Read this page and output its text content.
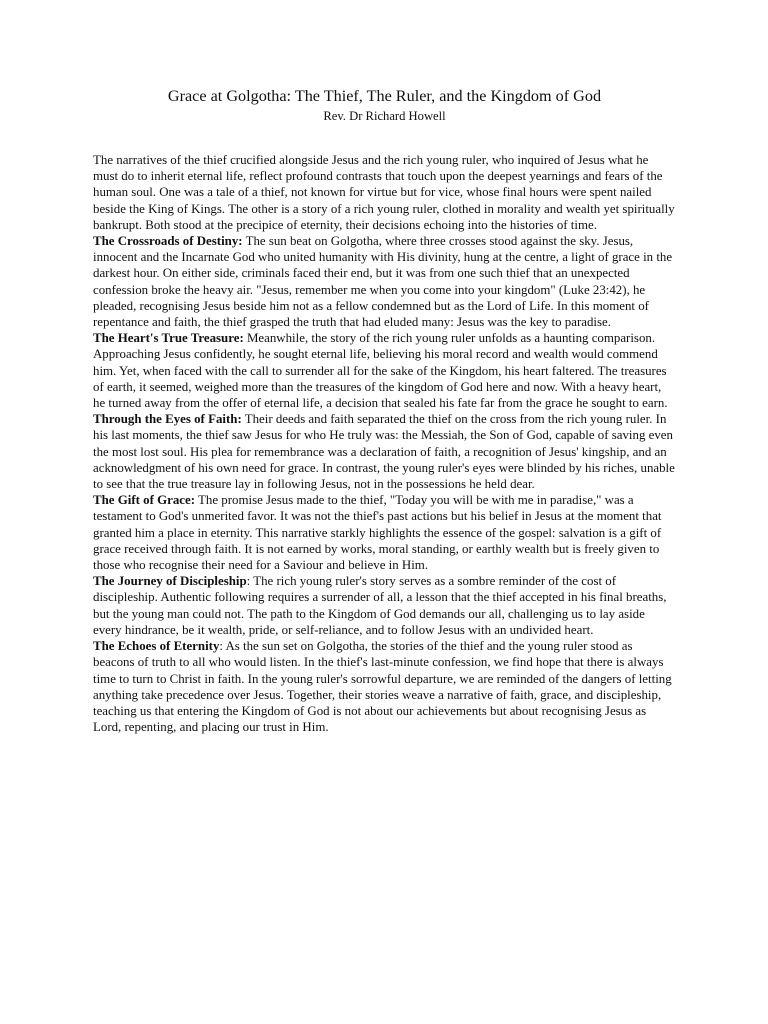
Grace at Golgotha: The Thief, The Ruler, and the Kingdom of God
Rev. Dr Richard Howell

The narratives of the thief crucified alongside Jesus and the rich young ruler, who inquired of Jesus what he must do to inherit eternal life, reflect profound contrasts that touch upon the deepest yearnings and fears of the human soul. One was a tale of a thief, not known for virtue but for vice, whose final hours were spent nailed beside the King of Kings. The other is a story of a rich young ruler, clothed in morality and wealth yet spiritually bankrupt. Both stood at the precipice of eternity, their decisions echoing into the histories of time.

The Crossroads of Destiny: The sun beat on Golgotha, where three crosses stood against the sky. Jesus, innocent and the Incarnate God who united humanity with His divinity, hung at the centre, a light of grace in the darkest hour. On either side, criminals faced their end, but it was from one such thief that an unexpected confession broke the heavy air. "Jesus, remember me when you come into your kingdom" (Luke 23:42), he pleaded, recognising Jesus beside him not as a fellow condemned but as the Lord of Life. In this moment of repentance and faith, the thief grasped the truth that had eluded many: Jesus was the key to paradise.

The Heart's True Treasure: Meanwhile, the story of the rich young ruler unfolds as a haunting comparison. Approaching Jesus confidently, he sought eternal life, believing his moral record and wealth would commend him. Yet, when faced with the call to surrender all for the sake of the Kingdom, his heart faltered. The treasures of earth, it seemed, weighed more than the treasures of the kingdom of God here and now. With a heavy heart, he turned away from the offer of eternal life, a decision that sealed his fate far from the grace he sought to earn.

Through the Eyes of Faith: Their deeds and faith separated the thief on the cross from the rich young ruler. In his last moments, the thief saw Jesus for who He truly was: the Messiah, the Son of God, capable of saving even the most lost soul. His plea for remembrance was a declaration of faith, a recognition of Jesus' kingship, and an acknowledgment of his own need for grace. In contrast, the young ruler's eyes were blinded by his riches, unable to see that the true treasure lay in following Jesus, not in the possessions he held dear.

The Gift of Grace: The promise Jesus made to the thief, "Today you will be with me in paradise," was a testament to God's unmerited favor. It was not the thief's past actions but his belief in Jesus at the moment that granted him a place in eternity. This narrative starkly highlights the essence of the gospel: salvation is a gift of grace received through faith. It is not earned by works, moral standing, or earthly wealth but is freely given to those who recognise their need for a Saviour and believe in Him.

The Journey of Discipleship: The rich young ruler's story serves as a sombre reminder of the cost of discipleship. Authentic following requires a surrender of all, a lesson that the thief accepted in his final breaths, but the young man could not. The path to the Kingdom of God demands our all, challenging us to lay aside every hindrance, be it wealth, pride, or self-reliance, and to follow Jesus with an undivided heart.

The Echoes of Eternity: As the sun set on Golgotha, the stories of the thief and the young ruler stood as beacons of truth to all who would listen. In the thief's last-minute confession, we find hope that there is always time to turn to Christ in faith. In the young ruler's sorrowful departure, we are reminded of the dangers of letting anything take precedence over Jesus. Together, their stories weave a narrative of faith, grace, and discipleship, teaching us that entering the Kingdom of God is not about our achievements but about recognising Jesus as Lord, repenting, and placing our trust in Him.
